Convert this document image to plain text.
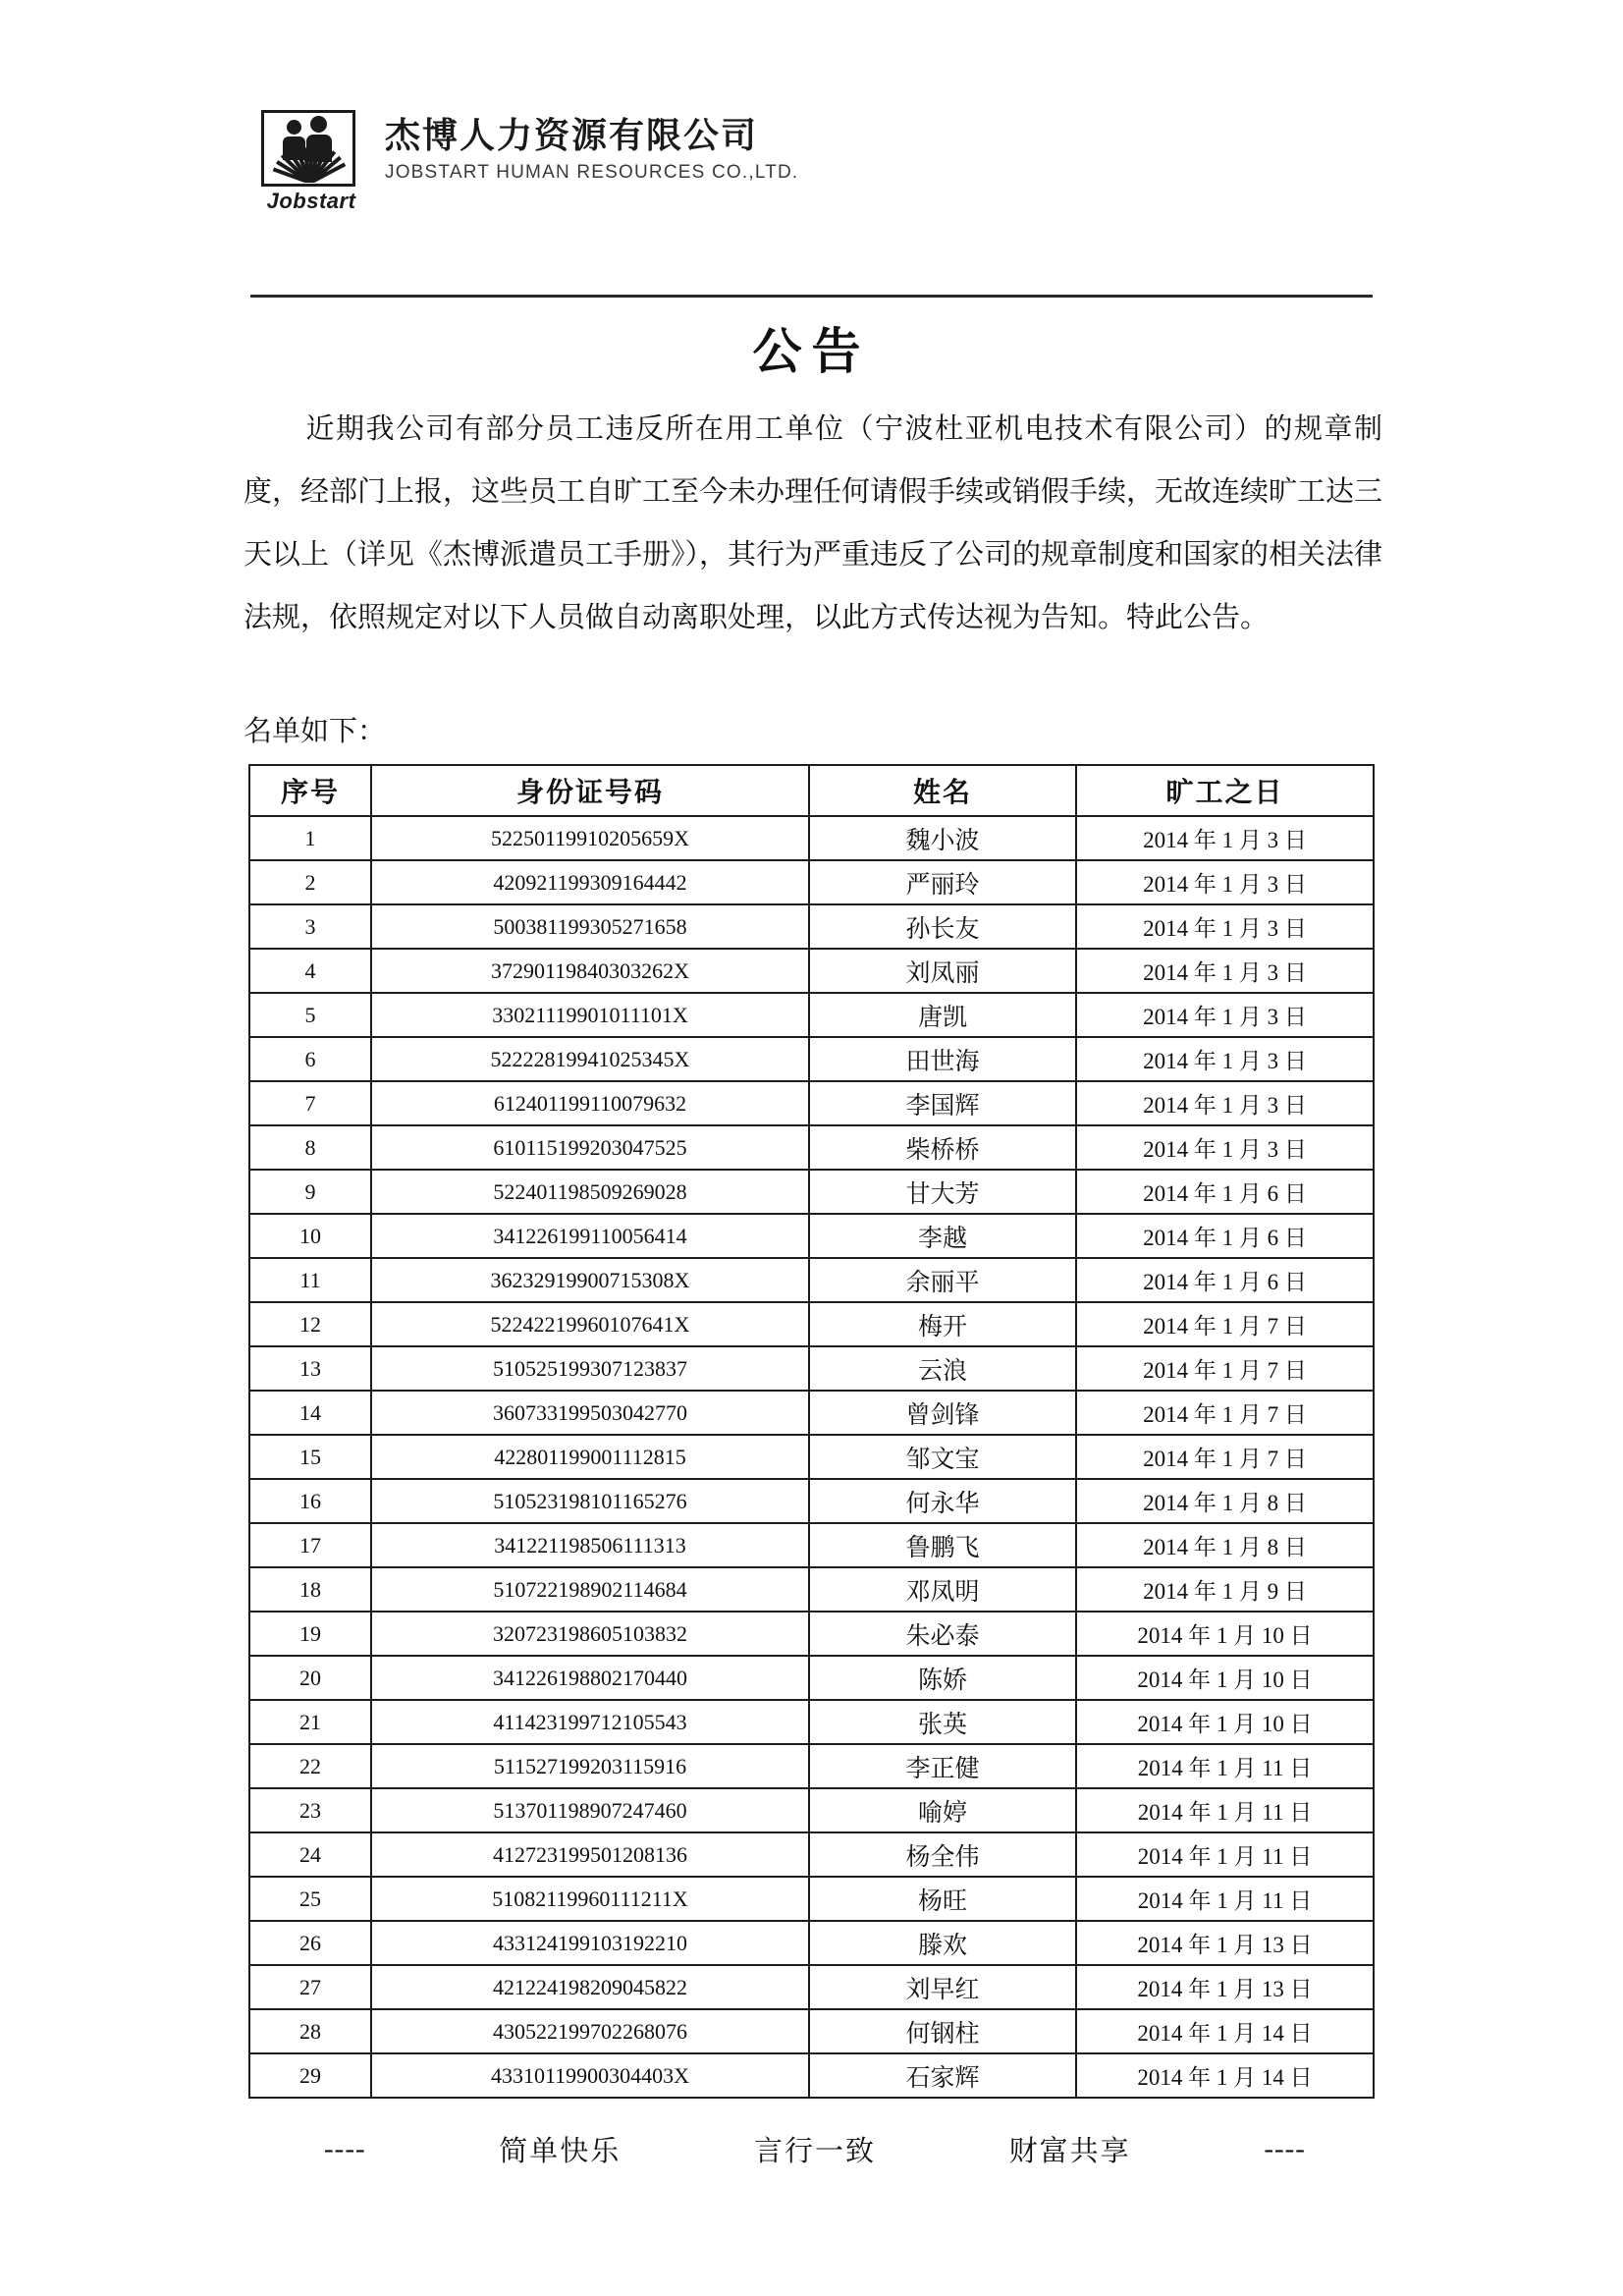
Jobstart
杰博人力资源有限公司
JOBSTART HUMAN RESOURCES CO.,LTD.
公告
近期我公司有部分员工违反所在用工单位（宁波杜亚机电技术有限公司）的规章制度，经部门上报，这些员工自旷工至今未办理任何请假手续或销假手续，无故连续旷工达三天以上（详见《杰博派遣员工手册》），其行为严重违反了公司的规章制度和国家的相关法律法规，依照规定对以下人员做自动离职处理，以此方式传达视为告知。特此公告。
名单如下：
序号	身份证号码	姓名	旷工之日
1	52250119910205659X	魏小波	2014 年 1 月 3 日
2	420921199309164442	严丽玲	2014 年 1 月 3 日
3	500381199305271658	孙长友	2014 年 1 月 3 日
4	37290119840303262X	刘凤丽	2014 年 1 月 3 日
5	33021119901011101X	唐凯	2014 年 1 月 3 日
6	52222819941025345X	田世海	2014 年 1 月 3 日
7	612401199110079632	李国辉	2014 年 1 月 3 日
8	610115199203047525	柴桥桥	2014 年 1 月 3 日
9	522401198509269028	甘大芳	2014 年 1 月 6 日
10	341226199110056414	李越	2014 年 1 月 6 日
11	36232919900715308X	余丽平	2014 年 1 月 6 日
12	52242219960107641X	梅开	2014 年 1 月 7 日
13	510525199307123837	云浪	2014 年 1 月 7 日
14	360733199503042770	曾剑锋	2014 年 1 月 7 日
15	422801199001112815	邹文宝	2014 年 1 月 7 日
16	510523198101165276	何永华	2014 年 1 月 8 日
17	341221198506111313	鲁鹏飞	2014 年 1 月 8 日
18	510722198902114684	邓凤明	2014 年 1 月 9 日
19	320723198605103832	朱必泰	2014 年 1 月 10 日
20	341226198802170440	陈娇	2014 年 1 月 10 日
21	411423199712105543	张英	2014 年 1 月 10 日
22	511527199203115916	李正健	2014 年 1 月 11 日
23	513701198907247460	喻婷	2014 年 1 月 11 日
24	412723199501208136	杨全伟	2014 年 1 月 11 日
25	51082119960111211X	杨旺	2014 年 1 月 11 日
26	433124199103192210	滕欢	2014 年 1 月 13 日
27	421224198209045822	刘早红	2014 年 1 月 13 日
28	430522199702268076	何钢柱	2014 年 1 月 14 日
29	43310119900304403X	石家辉	2014 年 1 月 14 日
----	简单快乐	言行一致	财富共享	----
